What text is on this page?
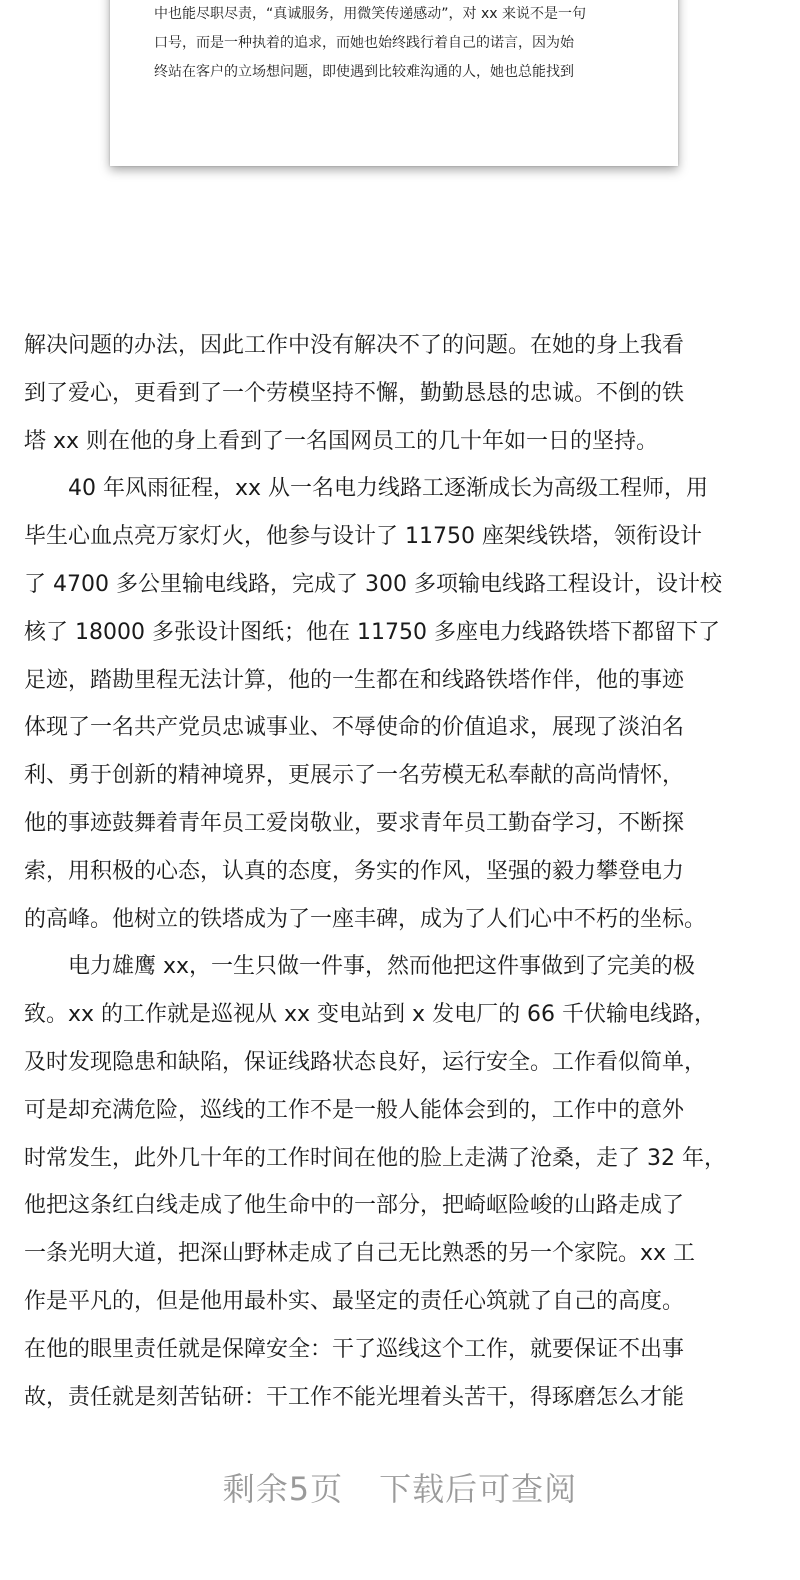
中也能尽职尽责，“真诚服务，用微笑传递感动”，对 xx 来说不是一句

口号，而是一种执着的追求，而她也始终践行着自己的诺言，因为始

终站在客户的立场想问题，即使遇到比较难沟通的人，她也总能找到

解决问题的办法，因此工作中没有解决不了的问题。在她的身上我看

到了爱心，更看到了一个劳模坚持不懈，勤勤恳恳的忠诚。不倒的铁

塔 xx 则在他的身上看到了一名国网员工的几十年如一日的坚持。

　　40 年风雨征程，xx 从一名电力线路工逐渐成长为高级工程师，用

毕生心血点亮万家灯火，他参与设计了 11750 座架线铁塔，领衔设计

了 4700 多公里输电线路，完成了 300 多项输电线路工程设计，设计校

核了 18000 多张设计图纸；他在 11750 多座电力线路铁塔下都留下了

足迹，踏勘里程无法计算，他的一生都在和线路铁塔作伴，他的事迹

体现了一名共产党员忠诚事业、不辱使命的价值追求，展现了淡泊名

利、勇于创新的精神境界，更展示了一名劳模无私奉献的高尚情怀，

他的事迹鼓舞着青年员工爱岗敬业，要求青年员工勤奋学习，不断探

索，用积极的心态，认真的态度，务实的作风，坚强的毅力攀登电力

的高峰。他树立的铁塔成为了一座丰碑，成为了人们心中不朽的坐标。

　　电力雄鹰 xx，一生只做一件事，然而他把这件事做到了完美的极

致。xx 的工作就是巡视从 xx 变电站到 x 发电厂的 66 千伏输电线路，

及时发现隐患和缺陷，保证线路状态良好，运行安全。工作看似简单，

可是却充满危险，巡线的工作不是一般人能体会到的，工作中的意外

时常发生，此外几十年的工作时间在他的脸上走满了沧桑，走了 32 年，

他把这条红白线走成了他生命中的一部分，把崎岖险峻的山路走成了

一条光明大道，把深山野林走成了自己无比熟悉的另一个家院。xx 工

作是平凡的，但是他用最朴实、最坚定的责任心筑就了自己的高度。

在他的眼里责任就是保障安全：干了巡线这个工作，就要保证不出事

故，责任就是刻苦钻研：干工作不能光埋着头苦干，得琢磨怎么才能

剩余5页 下载后可查阅
